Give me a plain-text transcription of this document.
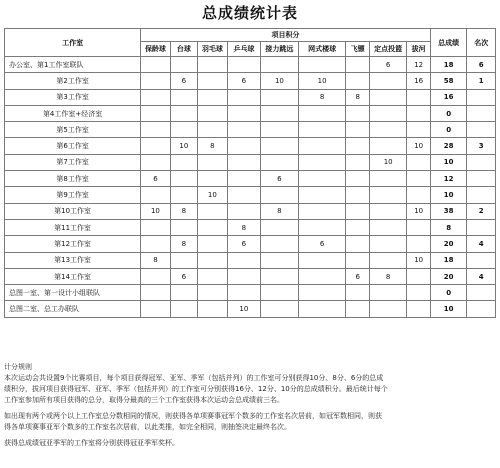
总成绩统计表
工作室	项目积分									总成绩	名次
	保龄球	台球	羽毛球	乒乓球	接力跳远	网式楼球	飞镖	定点投篮	拔河		
办公室、第1工作室联队								6	12	18	6
第2工作室		6		6	10	10			16	58	1
第3工作室						8	8			16	
第4工作室+经济室										0	
第5工作室										0	
第6工作室		10	8						10	28	3
第7工作室								10		10	
第8工作室	6				6					12	
第9工作室			10							10	
第10工作室	10	8			8				10	38	2
第11工作室				8						8	
第12工作室		8		6		6				20	4
第13工作室	8								10	18	
第14工作室		6					6	8		20	4
总图一室、第一设计小组联队										0	
总图二室、总工办联队				10						10	

计分规则

本次运动会共设置9个比赛项目，每个项目获得冠军、亚军、季军（包括并列）的工作室可分别获得10分、8分、6分的总成

绩积分，拔河项目获得冠军、亚军、季军（包括并列）的工作室可分别获得16分、12分、10分的总成绩积分。最后统计每个

工作室参加所有项目获得的总分，取得分最高的三个工作室获得本次运动会总成绩前三名。

如出现有两个或两个以上工作室总分数相同的情况，则获得各单项赛事冠军个数多的工作室名次居前，如冠军数相同，则获

得各单项赛事亚军个数多的工作室名次居前，以此类推，如完全相同，则抽签决定最终名次。

获得总成绩冠亚季军的工作室将分别获得冠亚季军奖杯。
